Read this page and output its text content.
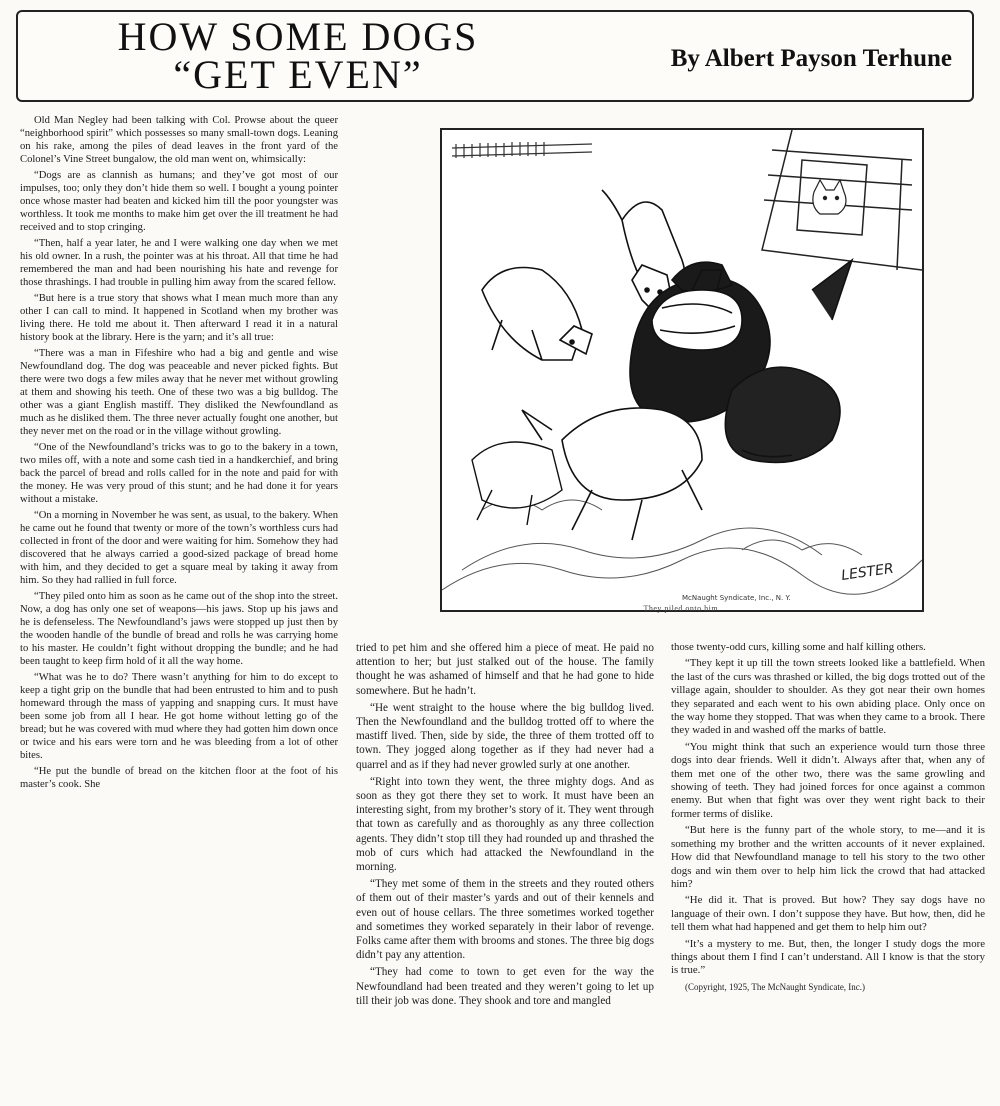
HOW SOME DOGS
“GET EVEN”	By Albert Payson Terhune

Old Man Negley had been talking with Col. Prowse about the queer “neighborhood spirit” which possesses so many small-town dogs. Leaning on his rake, among the piles of dead leaves in the front yard of the Colonel’s Vine Street bungalow, the old man went on, whimsically:

“Dogs are as clannish as humans; and they’ve got most of our impulses, too; only they don’t hide them so well. I bought a young pointer once whose master had beaten and kicked him till the poor youngster was worthless. It took me months to make him get over the ill treatment he had received and to stop cringing.

“Then, half a year later, he and I were walking one day when we met his old owner. In a rush, the pointer was at his throat. All that time he had remembered the man and had been nourishing his hate and revenge for those thrashings. I had trouble in pulling him away from the scared fellow.

“But here is a true story that shows what I mean much more than any other I can call to mind. It happened in Scotland when my brother was living there. He told me about it. Then afterward I read it in a natural history book at the library. Here is the yarn; and it’s all true:

“There was a man in Fifeshire who had a big and gentle and wise Newfoundland dog. The dog was peaceable and never picked fights. But there were two dogs a few miles away that he never met without growling at them and showing his teeth. One of these two was a big bulldog. The other was a giant English mastiff. They disliked the Newfoundland as much as he disliked them. The three never actually fought one another, but they never met on the road or in the village without growling.

“One of the Newfoundland’s tricks was to go to the bakery in a town, two miles off, with a note and some cash tied in a handkerchief, and bring back the parcel of bread and rolls called for in the note and paid for with the money. He was very proud of this stunt; and he had done it for years without a mistake.

“On a morning in November he was sent, as usual, to the bakery. When he came out he found that twenty or more of the town’s worthless curs had collected in front of the door and were waiting for him. Somehow they had discovered that he always carried a good-sized package of bread home with him, and they decided to get a square meal by taking it away from him. So they had rallied in full force.

“They piled onto him as soon as he came out of the shop into the street. Now, a dog has only one set of weapons—his jaws. Stop up his jaws and he is defenseless. The Newfoundland’s jaws were stopped up just then by the wooden handle of the bundle of bread and rolls he was carrying home to his master. He couldn’t fight without dropping the bundle; and he had been taught to keep firm hold of it all the way home.

“What was he to do? There wasn’t anything for him to do except to keep a tight grip on the bundle that had been entrusted to him and to push homeward through the mass of yapping and snapping curs. It must have been some job from all I hear. He got home without letting go of the bread; but he was covered with mud where they had gotten him down once or twice and his ears were torn and he was bleeding from a lot of other bites.

“He put the bundle of bread on the kitchen floor at the foot of his master’s cook. She

McNaught Syndicate, Inc., N. Y.
LESTER
They piled onto him.

tried to pet him and she offered him a piece of meat. He paid no attention to her; but just stalked out of the house. The family thought he was ashamed of himself and that he had gone to hide somewhere. But he hadn’t.

“He went straight to the house where the big bulldog lived. Then the Newfoundland and the bulldog trotted off to where the mastiff lived. Then, side by side, the three of them trotted off to town. They jogged along together as if they had never had a quarrel and as if they had never growled surly at one another.

“Right into town they went, the three mighty dogs. And as soon as they got there they set to work. It must have been an interesting sight, from my brother’s story of it. They went through that town as carefully and as thoroughly as any three collection agents. They didn’t stop till they had rounded up and thrashed the mob of curs which had attacked the Newfoundland in the morning.

“They met some of them in the streets and they routed others of them out of their master’s yards and out of their kennels and even out of house cellars. The three sometimes worked together and sometimes they worked separately in their labor of revenge. Folks came after them with brooms and stones. The three big dogs didn’t pay any attention.

“They had come to town to get even for the way the Newfoundland had been treated and they weren’t going to let up till their job was done. They shook and tore and mangled

those twenty-odd curs, killing some and half killing others.

“They kept it up till the town streets looked like a battlefield. When the last of the curs was thrashed or killed, the big dogs trotted out of the village again, shoulder to shoulder. As they got near their own homes they separated and each went to his own abiding place. Only once on the way home they stopped. That was when they came to a brook. There they waded in and washed off the marks of battle.

“You might think that such an experience would turn those three dogs into dear friends. Well it didn’t. Always after that, when any of them met one of the other two, there was the same growling and showing of teeth. They had joined forces for once against a common enemy. But when that fight was over they went right back to their former terms of dislike.

“But here is the funny part of the whole story, to me—and it is something my brother and the written accounts of it never explained. How did that Newfoundland manage to tell his story to the two other dogs and win them over to help him lick the crowd that had attacked him?

“He did it. That is proved. But how? They say dogs have no language of their own. I don’t suppose they have. But how, then, did he tell them what had happened and get them to help him out?

“It’s a mystery to me. But, then, the longer I study dogs the more things about them I find I can’t understand. All I know is that the story is true.”

(Copyright, 1925, The McNaught Syndicate, Inc.)
